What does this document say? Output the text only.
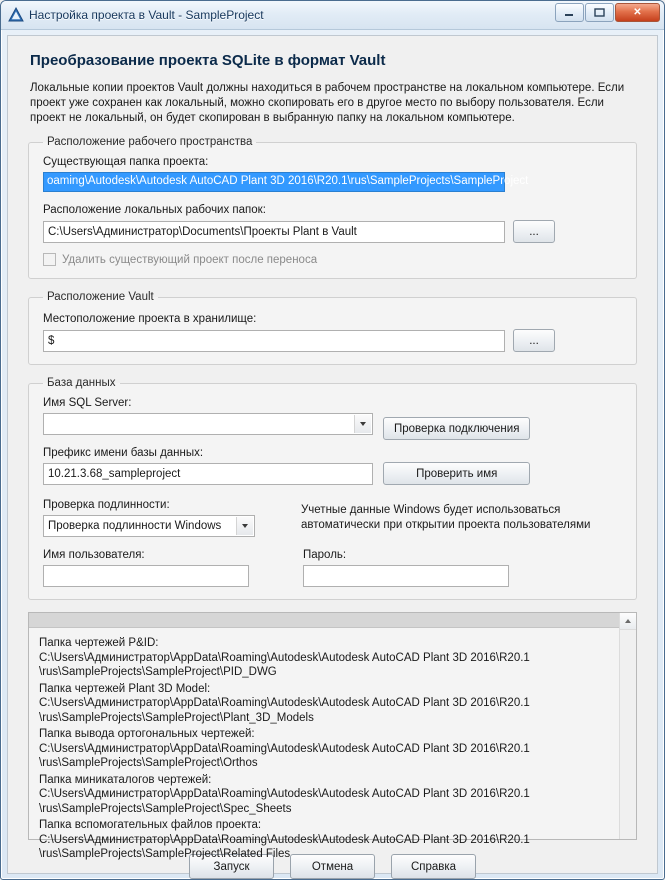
Настройка проекта в Vault - SampleProject	✕
Преобразование проекта SQLite в формат Vault
Локальные копии проектов Vault должны находиться в рабочем пространстве на локальном компьютере. Если проект уже сохранен как локальный, можно скопировать его в другое место по выбору пользователя. Если проект не локальный, он будет скопирован в выбранную папку на локальном компьютере.
Расположение рабочего пространства
Существующая папка проекта:
oaming\Autodesk\Autodesk AutoCAD Plant 3D 2016\R20.1\rus\SampleProjects\SampleProject
Расположение локальных рабочих папок:
C:\Users\Администратор\Documents\Проекты Plant в Vault
...
Удалить существующий проект после переноса
Расположение Vault
Местоположение проекта в хранилище:
$
...
База данных
Имя SQL Server:
Префикс имени базы данных:
10.21.3.68_sampleproject
Проверка подключения
Проверить имя
Проверка подлинности:
Проверка подлинности Windows
Учетные данные Windows будет использоваться автоматически при открытии проекта пользователями
Имя пользователя:	Пароль:
Папка чертежей P&ID:
C:\Users\Администратор\AppData\Roaming\Autodesk\Autodesk AutoCAD Plant 3D 2016\R20.1
\rus\SampleProjects\SampleProject\PID_DWG
Папка чертежей Plant 3D Model:
C:\Users\Администратор\AppData\Roaming\Autodesk\Autodesk AutoCAD Plant 3D 2016\R20.1
\rus\SampleProjects\SampleProject\Plant_3D_Models
Папка вывода ортогональных чертежей:
C:\Users\Администратор\AppData\Roaming\Autodesk\Autodesk AutoCAD Plant 3D 2016\R20.1
\rus\SampleProjects\SampleProject\Orthos
Папка миникаталогов чертежей:
C:\Users\Администратор\AppData\Roaming\Autodesk\Autodesk AutoCAD Plant 3D 2016\R20.1
\rus\SampleProjects\SampleProject\Spec_Sheets
Папка вспомогательных файлов проекта:
C:\Users\Администратор\AppData\Roaming\Autodesk\Autodesk AutoCAD Plant 3D 2016\R20.1
\rus\SampleProjects\SampleProject\Related Files
Запуск	Отмена	Справка
